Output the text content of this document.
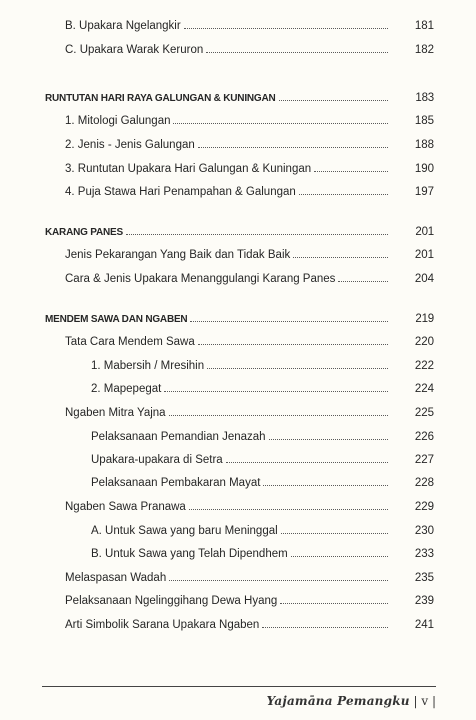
B. Upakara Ngelangkir	181
C. Upakara Warak Keruron	182
RUNTUTAN HARI RAYA GALUNGAN & KUNINGAN	183
1. Mitologi Galungan	185
2. Jenis - Jenis Galungan	188
3. Runtutan Upakara Hari Galungan & Kuningan	190
4. Puja Stawa Hari Penampahan & Galungan	197
KARANG PANES	201
Jenis Pekarangan Yang Baik dan Tidak Baik	201
Cara & Jenis Upakara Menanggulangi Karang Panes	204
MENDEM SAWA DAN NGABEN	219
Tata Cara Mendem Sawa	220
1. Mabersih / Mresihin	222
2. Mapepegat	224
Ngaben Mitra Yajna	225
Pelaksanaan Pemandian Jenazah	226
Upakara-upakara di Setra	227
Pelaksanaan Pembakaran Mayat	228
Ngaben Sawa Pranawa	229
A. Untuk Sawa yang baru Meninggal	230
B. Untuk Sawa yang Telah Dipendhem	233
Melaspasan Wadah	235
Pelaksanaan Ngelinggihang Dewa Hyang	239
Arti Simbolik Sarana Upakara Ngaben	241
Yajamāna Pemangku | v |
